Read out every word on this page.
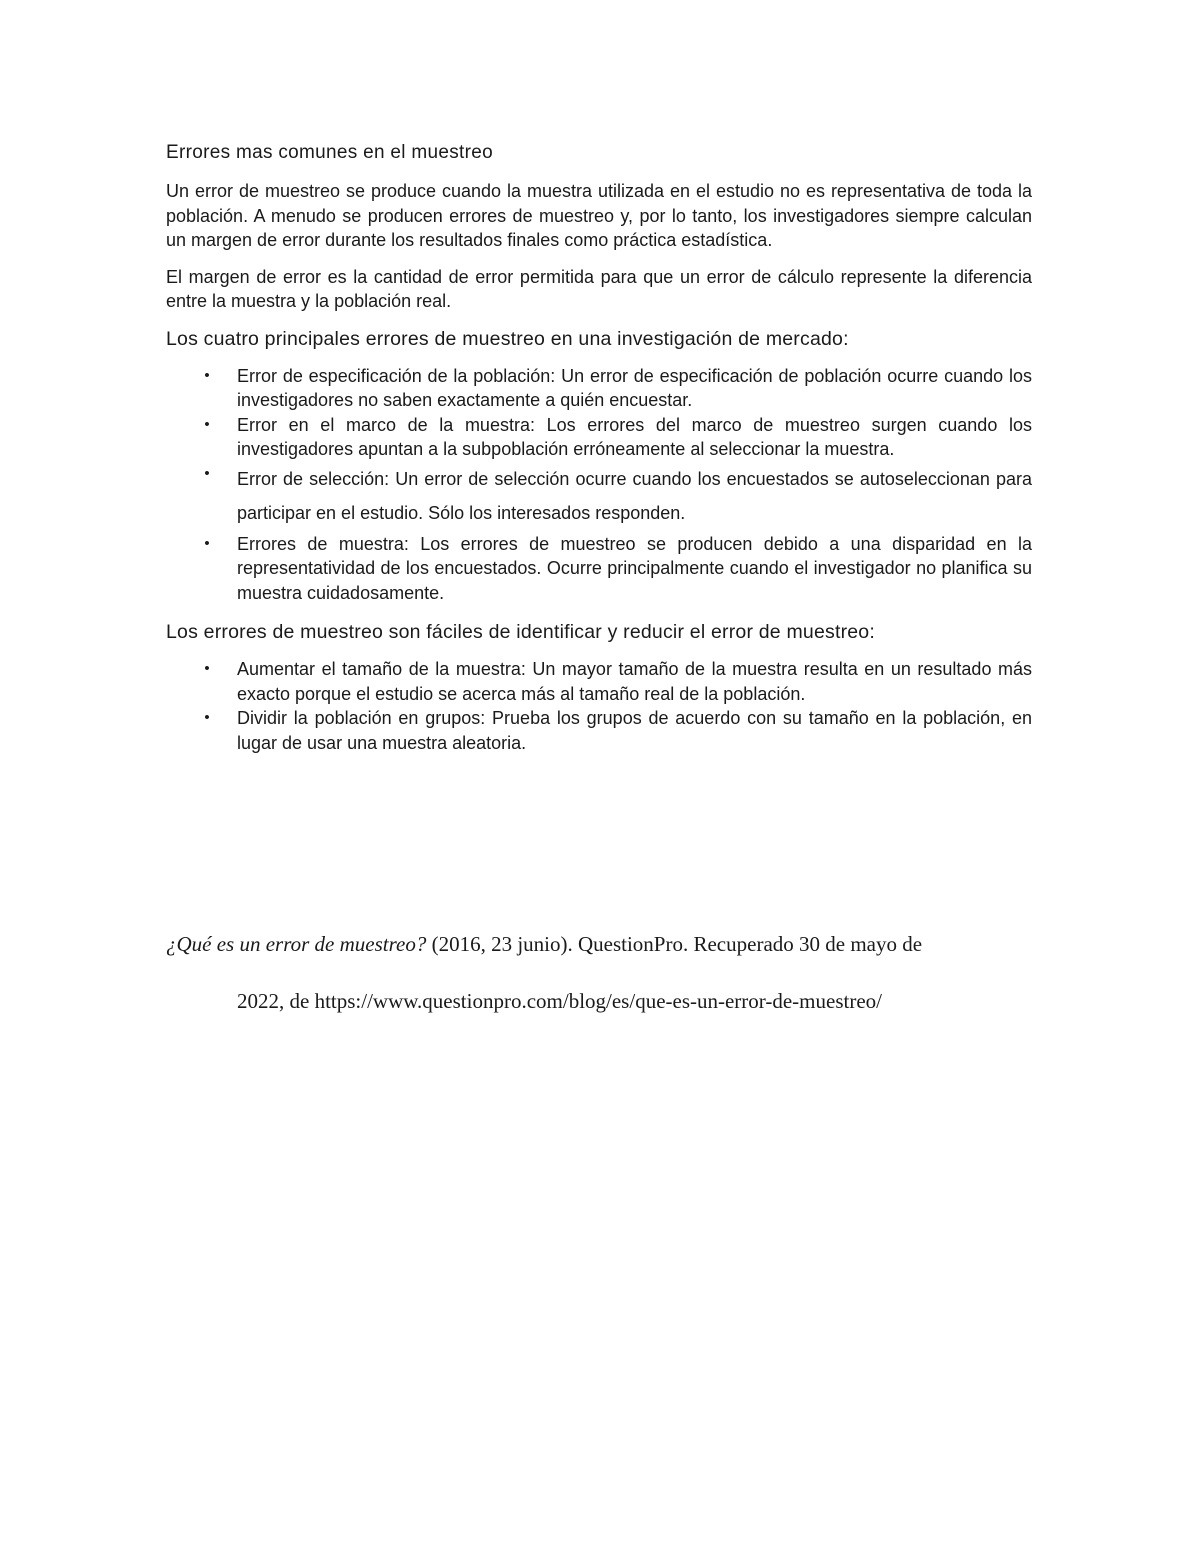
Errores mas comunes en el muestreo

Un error de muestreo se produce cuando la muestra utilizada en el estudio no es representativa de toda la población. A menudo se producen errores de muestreo y, por lo tanto, los investigadores siempre calculan un margen de error durante los resultados finales como práctica estadística.

El margen de error es la cantidad de error permitida para que un error de cálculo represente la diferencia entre la muestra y la población real.

Los cuatro principales errores de muestreo en una investigación de mercado:
• Error de especificación de la población: Un error de especificación de población ocurre cuando los investigadores no saben exactamente a quién encuestar.
• Error en el marco de la muestra: Los errores del marco de muestreo surgen cuando los investigadores apuntan a la subpoblación erróneamente al seleccionar la muestra.
• Error de selección: Un error de selección ocurre cuando los encuestados se autoseleccionan para participar en el estudio. Sólo los interesados responden.
• Errores de muestra: Los errores de muestreo se producen debido a una disparidad en la representatividad de los encuestados. Ocurre principalmente cuando el investigador no planifica su muestra cuidadosamente.
Los errores de muestreo son fáciles de identificar y reducir el error de muestreo:
• Aumentar el tamaño de la muestra: Un mayor tamaño de la muestra resulta en un resultado más exacto porque el estudio se acerca más al tamaño real de la población.
• Dividir la población en grupos: Prueba los grupos de acuerdo con su tamaño en la población, en lugar de usar una muestra aleatoria.
¿Qué es un error de muestreo? (2016, 23 junio). QuestionPro. Recuperado 30 de mayo de
2022, de https://www.questionpro.com/blog/es/que-es-un-error-de-muestreo/
